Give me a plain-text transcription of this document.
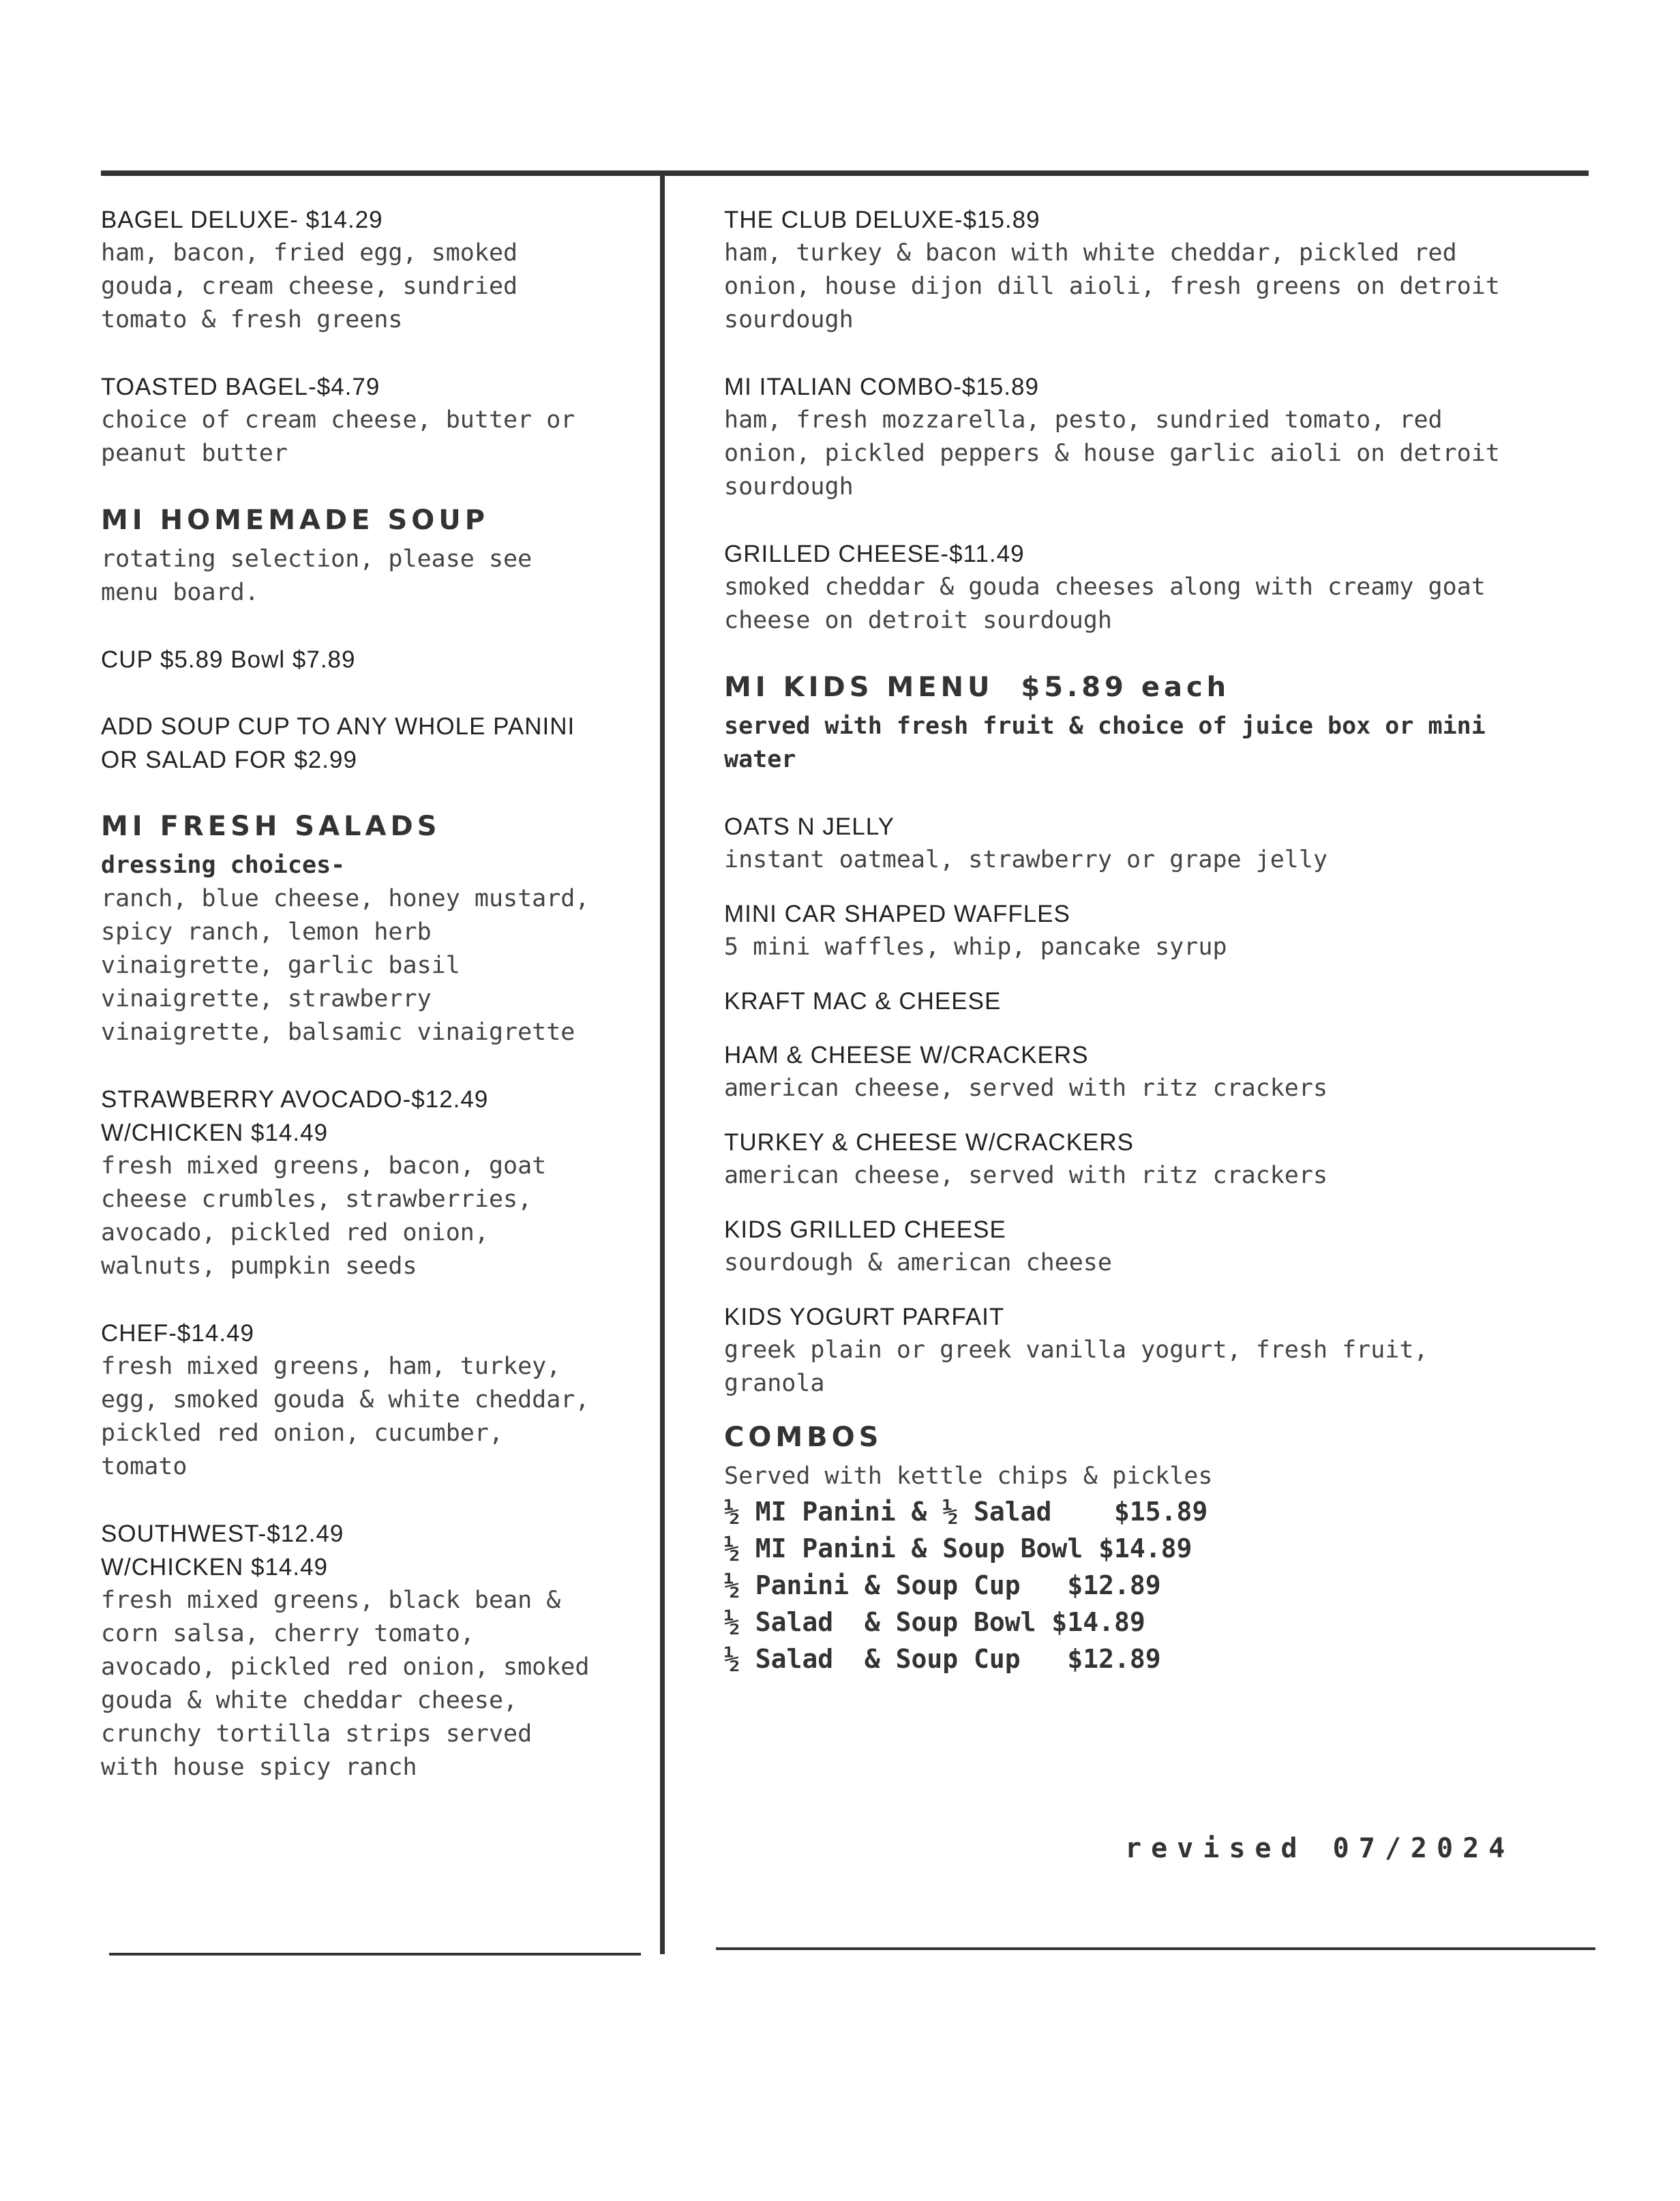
BAGEL DELUXE- $14.29
ham, bacon, fried egg, smoked
gouda, cream cheese, sundried
tomato & fresh greens
TOASTED BAGEL-$4.79
choice of cream cheese, butter or
peanut butter
MI HOMEMADE SOUP
rotating selection, please see
menu board.
CUP $5.89 Bowl $7.89
ADD SOUP CUP TO ANY WHOLE PANINI
OR SALAD FOR $2.99
MI FRESH SALADS
dressing choices-
ranch, blue cheese, honey mustard,
spicy ranch, lemon herb
vinaigrette, garlic basil
vinaigrette, strawberry
vinaigrette, balsamic vinaigrette
STRAWBERRY AVOCADO-$12.49
W/CHICKEN $14.49
fresh mixed greens, bacon, goat
cheese crumbles, strawberries,
avocado, pickled red onion,
walnuts, pumpkin seeds
CHEF-$14.49
fresh mixed greens, ham, turkey,
egg, smoked gouda & white cheddar,
pickled red onion, cucumber,
tomato
SOUTHWEST-$12.49
W/CHICKEN $14.49
fresh mixed greens, black bean &
corn salsa, cherry tomato,
avocado, pickled red onion, smoked
gouda & white cheddar cheese,
crunchy tortilla strips served
with house spicy ranch
THE CLUB DELUXE-$15.89
ham, turkey & bacon with white cheddar, pickled red
onion, house dijon dill aioli, fresh greens on detroit
sourdough
MI ITALIAN COMBO-$15.89
ham, fresh mozzarella, pesto, sundried tomato, red
onion, pickled peppers & house garlic aioli on detroit
sourdough
GRILLED CHEESE-$11.49
smoked cheddar & gouda cheeses along with creamy goat
cheese on detroit sourdough
MI KIDS MENU  $5.89 each
served with fresh fruit & choice of juice box or mini
water
OATS N JELLY
instant oatmeal, strawberry or grape jelly
MINI CAR SHAPED WAFFLES
5 mini waffles, whip, pancake syrup
KRAFT MAC & CHEESE
HAM & CHEESE W/CRACKERS
american cheese, served with ritz crackers
TURKEY & CHEESE W/CRACKERS
american cheese, served with ritz crackers
KIDS GRILLED CHEESE
sourdough & american cheese
KIDS YOGURT PARFAIT
greek plain or greek vanilla yogurt, fresh fruit,
granola
COMBOS
Served with kettle chips & pickles
½ MI Panini & ½ Salad    $15.89
½ MI Panini & Soup Bowl $14.89
½ Panini & Soup Cup   $12.89
½ Salad  & Soup Bowl $14.89
½ Salad  & Soup Cup   $12.89
revised 07/2024
